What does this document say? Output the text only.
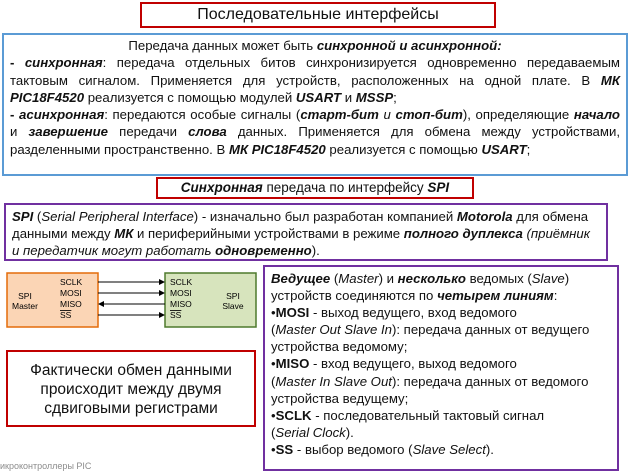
Последовательные интерфейсы
Передача данных может быть синхронной и асинхронной:
- синхронная: передача отдельных битов синхронизируется одновременно передаваемым тактовым сигналом. Применяется для устройств, расположенных на одной плате. В МК PIC18F4520 реализуется с помощью модулей USART и MSSP;
- асинхронная: передаются особые сигналы (старт-бит и стоп-бит), определяющие начало и завершение передачи слова данных. Применяется для обмена между устройствами, разделенными пространственно. В МК PIC18F4520 реализуется с помощью USART;
Синхронная передача по интерфейсу SPI
SPI (Serial Peripheral Interface) - изначально был разработан компанией Motorola для обмена данными между МК и периферийными устройствами в режиме полного дуплекса (приёмник и передатчик могут работать одновременно).
SPI
Master
SCLK
MOSI
MISO
SS
SCLK
MOSI
MISO
SS
SPI
Slave
Фактически обмен данными
происходит между двумя
сдвиговыми регистрами
Ведущее (Master) и несколько ведомых (Slave)
устройств соединяются по четырем линиям:
•MOSI - выход ведущего, вход ведомого
(Master Out Slave In): передача данных от ведущего устройства ведомому;
•MISO - вход ведущего, выход ведомого
(Master In Slave Out): передача данных от ведомого устройства ведущему;
•SCLK - последовательный тактовый сигнал
(Serial Clock).
•SS - выбор ведомого (Slave Select).
икроконтроллеры PIC
